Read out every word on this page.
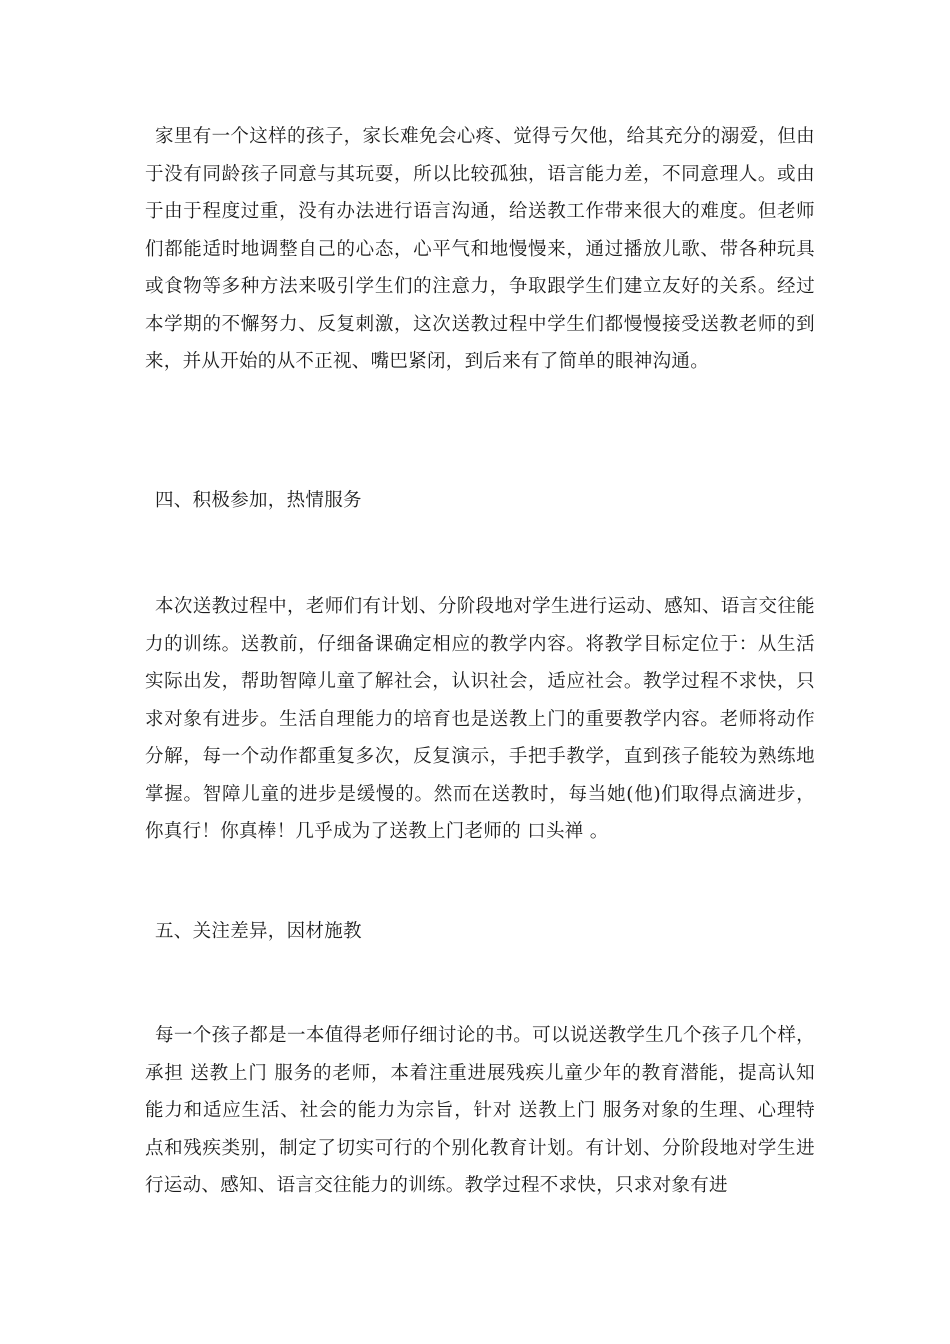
家里有一个这样的孩子，家长难免会心疼、觉得亏欠他，给其充分的溺爱，但由于没有同龄孩子同意与其玩耍，所以比较孤独，语言能力差，不同意理人。或由于由于程度过重，没有办法进行语言沟通，给送教工作带来很大的难度。但老师们都能适时地调整自己的心态，心平气和地慢慢来，通过播放儿歌、带各种玩具或食物等多种方法来吸引学生们的注意力，争取跟学生们建立友好的关系。经过本学期的不懈努力、反复刺激，这次送教过程中学生们都慢慢接受送教老师的到来，并从开始的从不正视、嘴巴紧闭，到后来有了简单的眼神沟通。

四、积极参加，热情服务

本次送教过程中，老师们有计划、分阶段地对学生进行运动、感知、语言交往能力的训练。送教前，仔细备课确定相应的教学内容。将教学目标定位于：从生活实际出发，帮助智障儿童了解社会，认识社会，适应社会。教学过程不求快，只求对象有进步。生活自理能力的培育也是送教上门的重要教学内容。老师将动作分解，每一个动作都重复多次，反复演示，手把手教学，直到孩子能较为熟练地掌握。智障儿童的进步是缓慢的。然而在送教时，每当她(他)们取得点滴进步， 你真行！你真棒！几乎成为了送教上门老师的 口头禅 。

五、关注差异，因材施教

每一个孩子都是一本值得老师仔细讨论的书。可以说送教学生几个孩子几个样，承担 送教上门 服务的老师，本着注重进展残疾儿童少年的教育潜能，提高认知能力和适应生活、社会的能力为宗旨，针对 送教上门 服务对象的生理、心理特点和残疾类别，制定了切实可行的个别化教育计划。有计划、分阶段地对学生进行运动、感知、语言交往能力的训练。教学过程不求快，只求对象有进
